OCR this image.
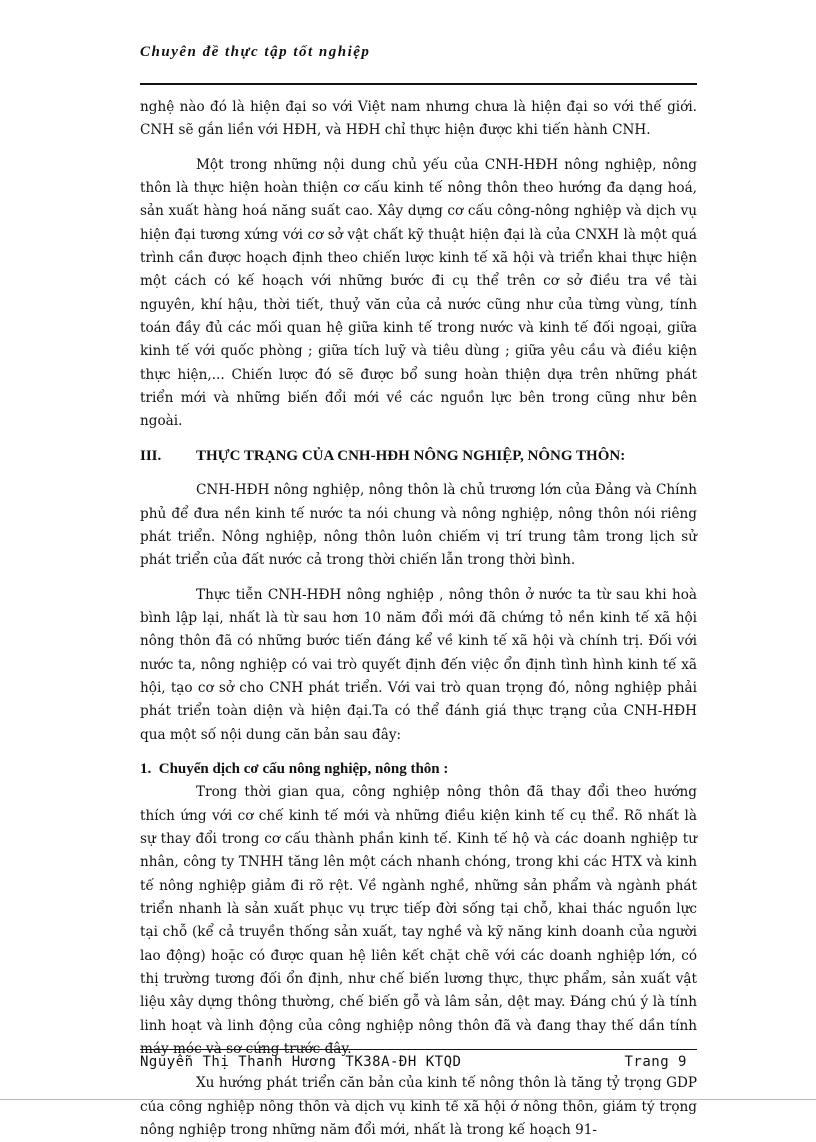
Chuyên đề thực tập tốt nghiệp

nghệ nào đó là hiện đại so với Việt nam nhưng chưa là hiện đại so với thế giới. CNH sẽ gắn liền với HĐH, và HĐH chỉ thực hiện được khi tiến hành CNH.

Một trong những nội dung chủ yếu của CNH-HĐH nông nghiệp, nông thôn là thực hiện hoàn thiện cơ cấu kinh tế nông thôn theo hướng đa dạng hoá, sản xuất hàng hoá năng suất cao. Xây dựng cơ cấu công-nông nghiệp và dịch vụ hiện đại tương xứng với cơ sở vật chất kỹ thuật hiện đại là của CNXH là một quá trình cần được hoạch định theo chiến lược kinh tế xã hội và triển khai thực hiện một cách có kế hoạch với những bước đi cụ thể trên cơ sở điều tra về tài nguyên, khí hậu, thời tiết, thuỷ văn của cả nước cũng như của từng vùng, tính toán đầy đủ các mối quan hệ giữa kinh tế trong nước và kinh tế đối ngoại, giữa kinh tế với quốc phòng ; giữa tích luỹ và tiêu dùng ; giữa yêu cầu và điều kiện thực hiện,... Chiến lược đó sẽ được bổ sung hoàn thiện dựa trên những phát triển mới và những biến đổi mới về các nguồn lực bên trong cũng như bên ngoài.

III. THỰC TRẠNG CỦA CNH-HĐH NÔNG NGHIỆP, NÔNG THÔN:

CNH-HĐH nông nghiệp, nông thôn là chủ trương lớn của Đảng và Chính phủ để đưa nền kinh tế nước ta nói chung và nông nghiệp, nông thôn nói riêng phát triển. Nông nghiệp, nông thôn luôn chiếm vị trí trung tâm trong lịch sử phát triển của đất nước cả trong thời chiến lẫn trong thời bình.

Thực tiễn CNH-HĐH nông nghiệp , nông thôn ở nước ta từ sau khi hoà bình lập lại, nhất là từ sau hơn 10 năm đổi mới đã chứng tỏ nền kinh tế xã hội nông thôn đã có những bước tiến đáng kể về kinh tế xã hội và chính trị. Đối với nước ta, nông nghiệp có vai trò quyết định đến việc ổn định tình hình kinh tế xã hội, tạo cơ sở cho CNH phát triển. Với vai trò quan trọng đó, nông nghiệp phải phát triển toàn diện và hiện đại.Ta có thể đánh giá thực trạng của CNH-HĐH qua một số nội dung căn bản sau đây:

1. Chuyển dịch cơ cấu nông nghiệp, nông thôn :

Trong thời gian qua, công nghiệp nông thôn đã thay đổi theo hướng thích ứng với cơ chế kinh tế mới và những điều kiện kinh tế cụ thể. Rõ nhất là sự thay đổi trong cơ cấu thành phần kinh tế. Kinh tế hộ và các doanh nghiệp tư nhân, công ty TNHH tăng lên một cách nhanh chóng, trong khi các HTX và kinh tế nông nghiệp giảm đi rõ rệt. Về ngành nghề, những sản phẩm và ngành phát triển nhanh là sản xuất phục vụ trực tiếp đời sống tại chỗ, khai thác nguồn lực tại chỗ (kể cả truyền thống sản xuất, tay nghề và kỹ năng kinh doanh của người lao động) hoặc có được quan hệ liên kết chặt chẽ với các doanh nghiệp lớn, có thị trường tương đối ổn định, như chế biến lương thực, thực phẩm, sản xuất vật liệu xây dựng thông thường, chế biến gỗ và lâm sản, dệt may. Đáng chú ý là tính linh hoạt và linh động của công nghiệp nông thôn đã và đang thay thế dần tính máy móc và sơ cứng trước đây.

Xu hướng phát triển căn bản của kinh tế nông thôn là tăng tỷ trọng GDP của công nghiệp nông thôn và dịch vụ kinh tế xã hội ở nông thôn, giảm tỷ trọng nông nghiệp trong những năm đổi mới, nhất là trong kế hoạch 91-

Nguyễn Thị Thanh Hương TK38A-ĐH KTQD	Trang 9
